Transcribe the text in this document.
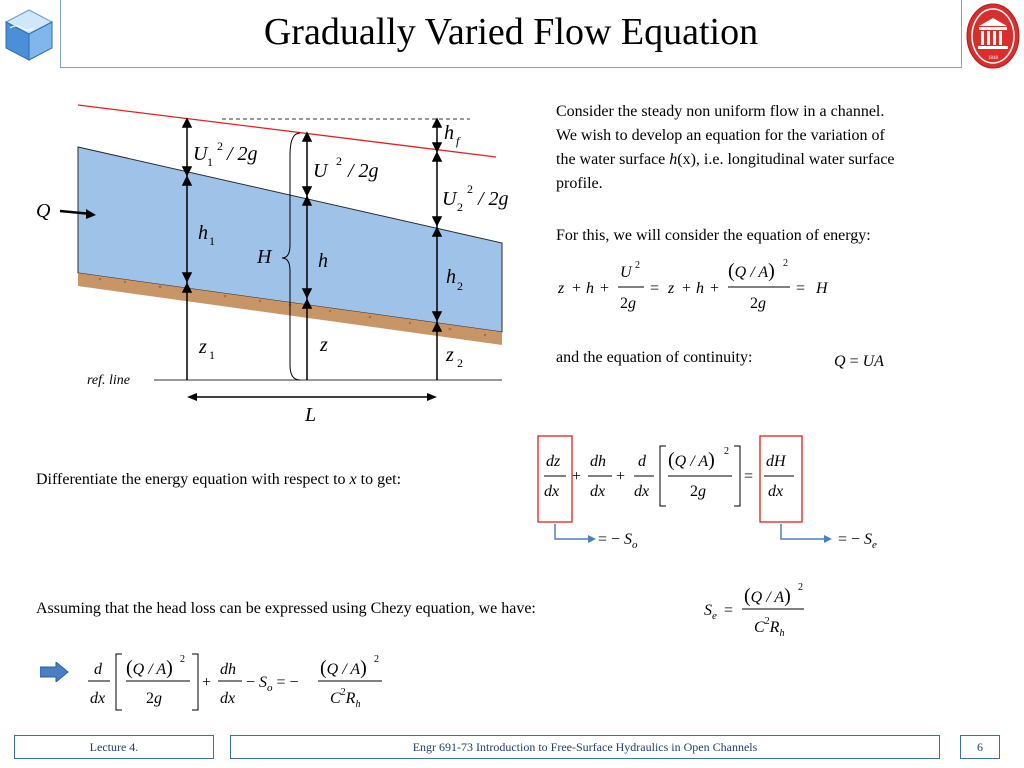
Gradually Varied Flow Equation
1848
Q
U 1
2 / 2g
U 2 / 2g
U 2
2 / 2g
h f
h 1
H h
h 2
z 1	z	z 2
ref. line
L
Consider the steady non uniform flow in a channel.
We wish to develop an equation for the variation of
the water surface h(x), i.e. longitudinal water surface
profile.
For this, we will consider the equation of energy:
z + h +
U 2
2g
= z + h +
(Q / A) 2
2g
= H
and the equation of continuity:	Q = UA
Differentiate the energy equation with respect to x to get:
dz
dx
+
dh
dx
+
d
dx
(Q / A) 2
2g
=
dH
dx
= − $S_o$	= − $S_e$
Assuming that the head loss can be expressed using Chezy equation, we have:	$S_e$ =
(Q / A) 2
$C^2R_h$
d
dx
(Q / A) 2
2g
+
dh
dx
− $S_o$ = −
(Q / A) 2
$C^2R_h$
Lecture 4.	Engr 691-73 Introduction to Free-Surface Hydraulics in Open Channels	6
